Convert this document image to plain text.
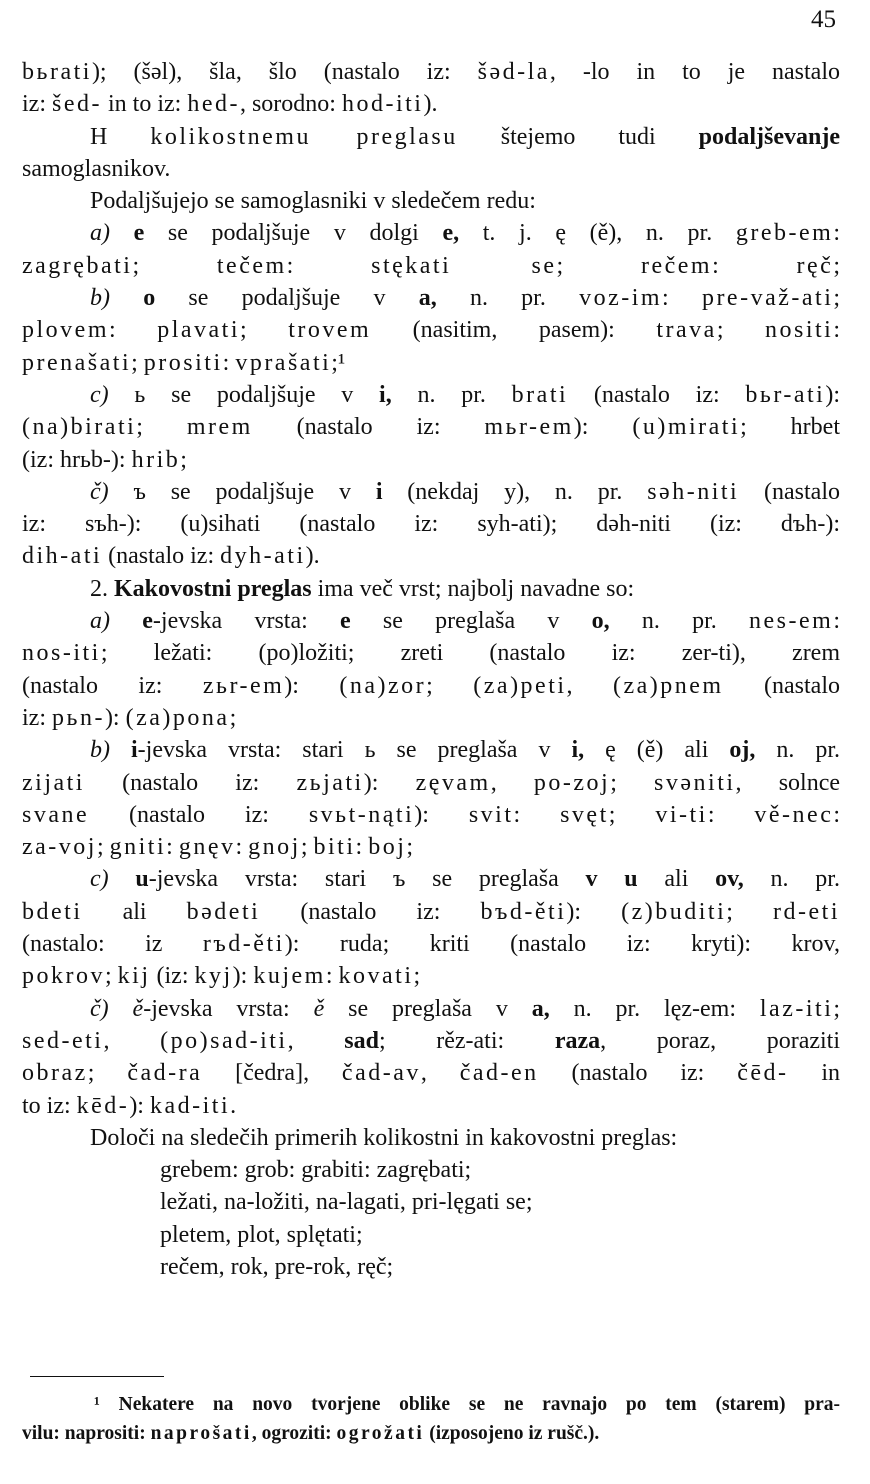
45
bьrati); (šəl), šla, šlo (nastalo iz: šəd-la, -lo in to je nastalo
iz: šed- in to iz: hed-, sorodno: hod-iti).
H kolikostnemu preglasu štejemo tudi podaljševanje
samoglasnikov.
Podaljšujejo se samoglasniki v sledečem redu:
a) e se podaljšuje v dolgi e, t. j. ę (ě), n. pr. greb-em:
zagrębati; tečem: stękati se; rečem: ręč;
b) o se podaljšuje v a, n. pr. voz-im: pre-važ-ati;
plovem: plavati; trovem (nasitim, pasem): trava; nositi:
prenašati; prositi: vprašati;¹
c) ь se podaljšuje v i, n. pr. brati (nastalo iz: bьr-ati):
(na)birati; mrem (nastalo iz: mьr-em): (u)mirati; hrbet
(iz: hrьb-): hrib;
č) ъ se podaljšuje v i (nekdaj y), n. pr. səh-niti (nastalo
iz: sъh-): (u)sihati (nastalo iz: syh-ati); dəh-niti (iz: dъh-):
dih-ati (nastalo iz: dyh-ati).
2. Kakovostni preglas ima več vrst; najbolj navadne so:
a) e-jevska vrsta: e se preglaša v o, n. pr. nes-em:
nos-iti; ležati: (po)ložiti; zreti (nastalo iz: zer-ti), zrem
(nastalo iz: zьr-em): (na)zor; (za)peti, (za)pnem (nastalo
iz: pьn-): (za)pona;
b) i-jevska vrsta: stari ь se preglaša v i, ę (ě) ali oj, n. pr.
zijati (nastalo iz: zьjati): zęvam, po-zoj; svəniti, solnce
svane (nastalo iz: svьt-nąti): svit: svęt; vi-ti: vě-nec:
za-voj; gniti: gnęv: gnoj; biti: boj;
c) u-jevska vrsta: stari ъ se preglaša v u ali ov, n. pr.
bdeti ali bədeti (nastalo iz: bъd-ěti): (z)buditi; rd-eti
(nastalo: iz rъd-ěti): ruda; kriti (nastalo iz: kryti): krov,
pokrov; kij (iz: kyj): kujem: kovati;
č) ě-jevska vrsta: ě se preglaša v a, n. pr. lęz-em: laz-iti;
sed-eti, (po)sad-iti, sad; rěz-ati: raza, poraz, poraziti
obraz; čad-ra [čedra], čad-av, čad-en (nastalo iz: čēd- in
to iz: kēd-): kad-iti.
Določi na sledečih primerih kolikostni in kakovostni preglas:
grebem: grob: grabiti: zagrębati;
ležati, na-ložiti, na-lagati, pri-lęgati se;
pletem, plot, splętati;
rečem, rok, pre-rok, ręč;
¹ Nekatere na novo tvorjene oblike se ne ravnajo po tem (starem) pra-
vilu: naprositi: naprošati, ogroziti: ogrožati (izposojeno iz rušč.).
